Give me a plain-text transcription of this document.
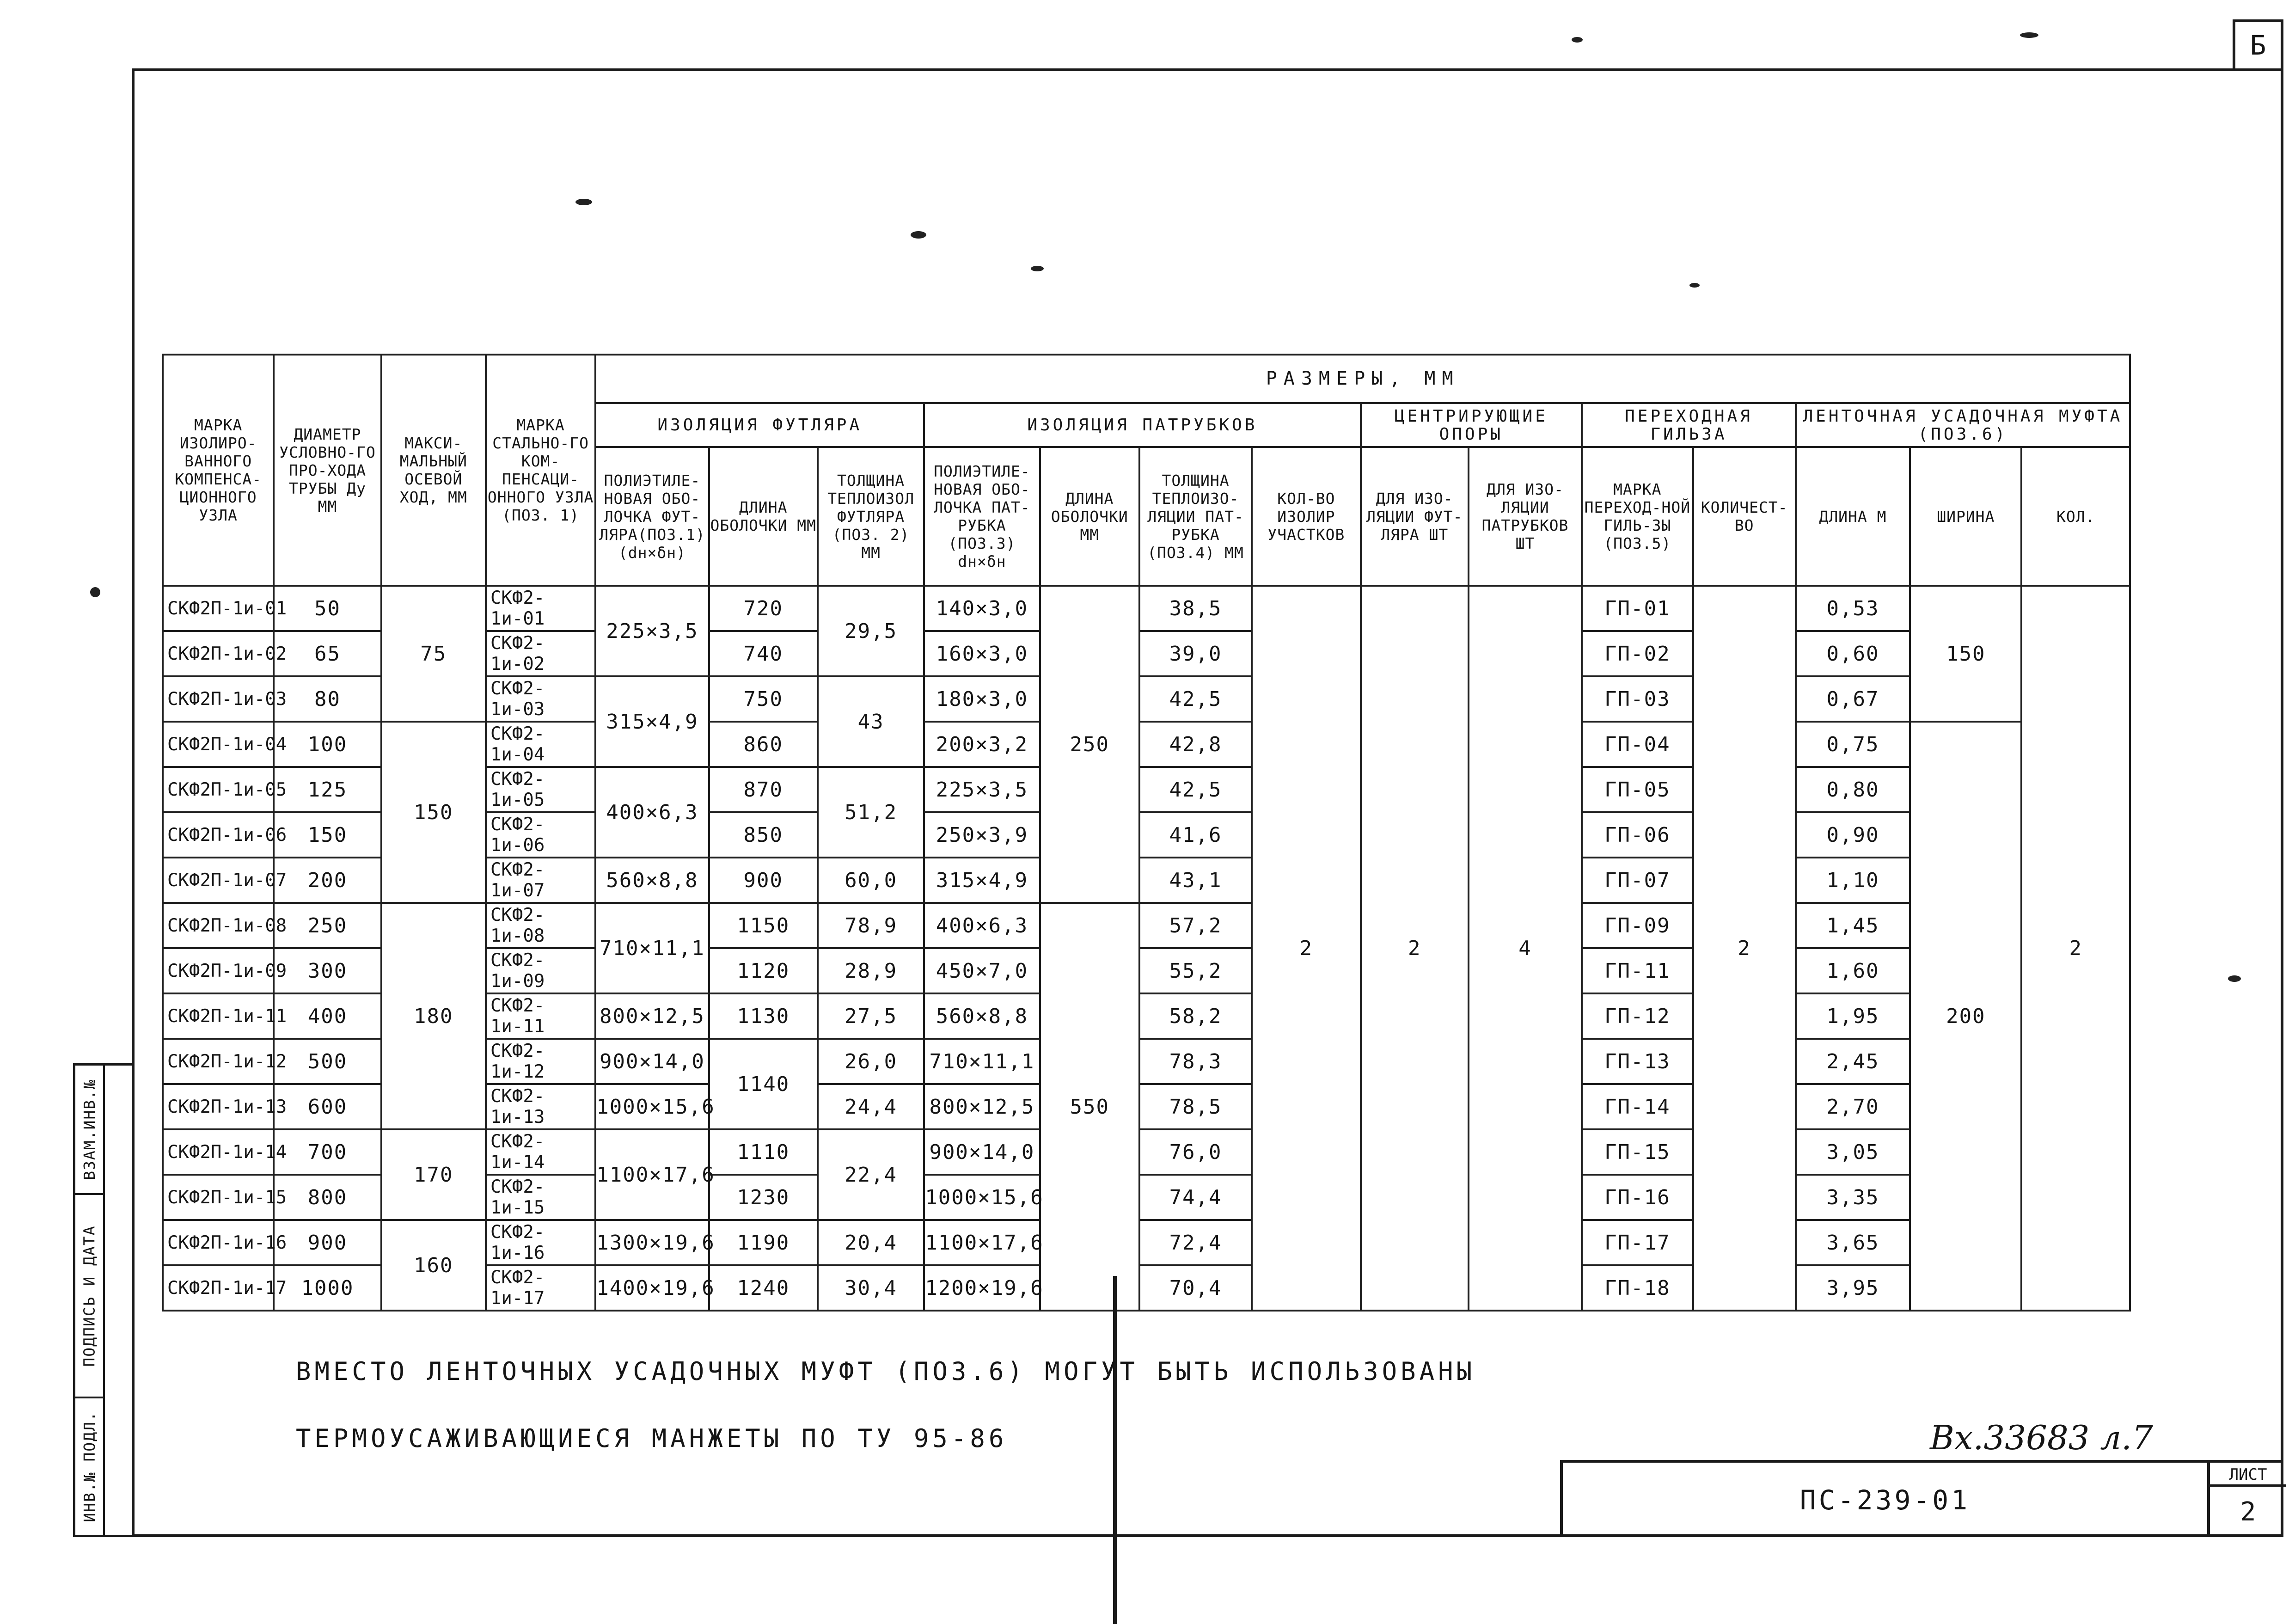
Б
ВЗАМ.ИНВ.№
ПОДПИСЬ И ДАТА
ИНВ.№ ПОДЛ.
МАРКА ИЗОЛИРО-ВАННОГО КОМПЕНСА-ЦИОННОГО УЗЛА	ДИАМЕТР УСЛОВНО-ГО ПРО-ХОДА ТРУБЫ Ду ММ	МАКСИ-МАЛЬНЫЙ ОСЕВОЙ ХОД, ММ	МАРКА СТАЛЬНО-ГО КОМ-ПЕНСАЦИ-ОННОГО УЗЛА (ПОЗ. 1)	РАЗМЕРЫ, ММ													
				ИЗОЛЯЦИЯ ФУТЛЯРА			ИЗОЛЯЦИЯ ПАТРУБКОВ				ЦЕНТРИРУЮЩИЕ ОПОРЫ		ПЕРЕХОДНАЯ ГИЛЬЗА		ЛЕНТОЧНАЯ УСАДОЧНАЯ МУФТА (ПОЗ.6)		
				ПОЛИЭТИЛЕ-НОВАЯ ОБО-ЛОЧКА ФУТ-ЛЯРА(ПОЗ.1) (dн×δн)	ДЛИНА ОБОЛОЧКИ ММ	ТОЛЩИНА ТЕПЛОИЗОЛ ФУТЛЯРА (ПОЗ. 2) ММ	ПОЛИЭТИЛЕ-НОВАЯ ОБО-ЛОЧКА ПАТ-РУБКА (ПОЗ.3) dн×δн	ДЛИНА ОБОЛОЧКИ ММ	ТОЛЩИНА ТЕПЛОИЗО-ЛЯЦИИ ПАТ-РУБКА (ПОЗ.4) ММ	КОЛ-ВО ИЗОЛИР УЧАСТКОВ	ДЛЯ ИЗО-ЛЯЦИИ ФУТ-ЛЯРА ШТ	ДЛЯ ИЗО-ЛЯЦИИ ПАТРУБКОВ ШТ	МАРКА ПЕРЕХОД-НОЙ ГИЛЬ-ЗЫ (ПОЗ.5)	КОЛИЧЕСТ-ВО	ДЛИНА М	ШИРИНА	КОЛ.
СКФ2П-1и-01	50	75	СКФ2-1и-01	225×3,5	720	29,5	140×3,0	250	38,5	2	2	4	ГП-01	2	0,53	150	2
СКФ2П-1и-02	65		СКФ2-1и-02		740		160×3,0		39,0				ГП-02		0,60		
СКФ2П-1и-03	80		СКФ2-1и-03	315×4,9	750	43	180×3,0		42,5				ГП-03		0,67		
СКФ2П-1и-04	100	150	СКФ2-1и-04		860		200×3,2		42,8				ГП-04		0,75	200	
СКФ2П-1и-05	125		СКФ2-1и-05	400×6,3	870	51,2	225×3,5		42,5				ГП-05		0,80		
СКФ2П-1и-06	150		СКФ2-1и-06		850		250×3,9		41,6				ГП-06		0,90		
СКФ2П-1и-07	200		СКФ2-1и-07	560×8,8	900	60,0	315×4,9		43,1				ГП-07		1,10		
СКФ2П-1и-08	250	180	СКФ2-1и-08	710×11,1	1150	78,9	400×6,3	550	57,2				ГП-09		1,45		
СКФ2П-1и-09	300		СКФ2-1и-09		1120	28,9	450×7,0		55,2				ГП-11		1,60		
СКФ2П-1и-11	400		СКФ2-1и-11	800×12,5	1130	27,5	560×8,8		58,2				ГП-12		1,95		
СКФ2П-1и-12	500		СКФ2-1и-12	900×14,0	1140	26,0	710×11,1		78,3				ГП-13		2,45		
СКФ2П-1и-13	600		СКФ2-1и-13	1000×15,6		24,4	800×12,5		78,5				ГП-14		2,70		
СКФ2П-1и-14	700	170	СКФ2-1и-14	1100×17,6	1110	22,4	900×14,0		76,0				ГП-15		3,05		
СКФ2П-1и-15	800		СКФ2-1и-15		1230		1000×15,6		74,4				ГП-16		3,35		
СКФ2П-1и-16	900	160	СКФ2-1и-16	1300×19,6	1190	20,4	1100×17,6		72,4				ГП-17		3,65		
СКФ2П-1и-17	1000		СКФ2-1и-17	1400×19,6	1240	30,4	1200×19,6		70,4				ГП-18		3,95		
ВМЕСТО ЛЕНТОЧНЫХ УСАДОЧНЫХ МУФТ (ПОЗ.6) МОГУТ БЫТЬ ИСПОЛЬЗОВАНЫ
ТЕРМОУСАЖИВАЮЩИЕСЯ МАНЖЕТЫ ПО ТУ 95-86	Вх.33683 л.7
ПС-239-01
ЛИСТ
2
